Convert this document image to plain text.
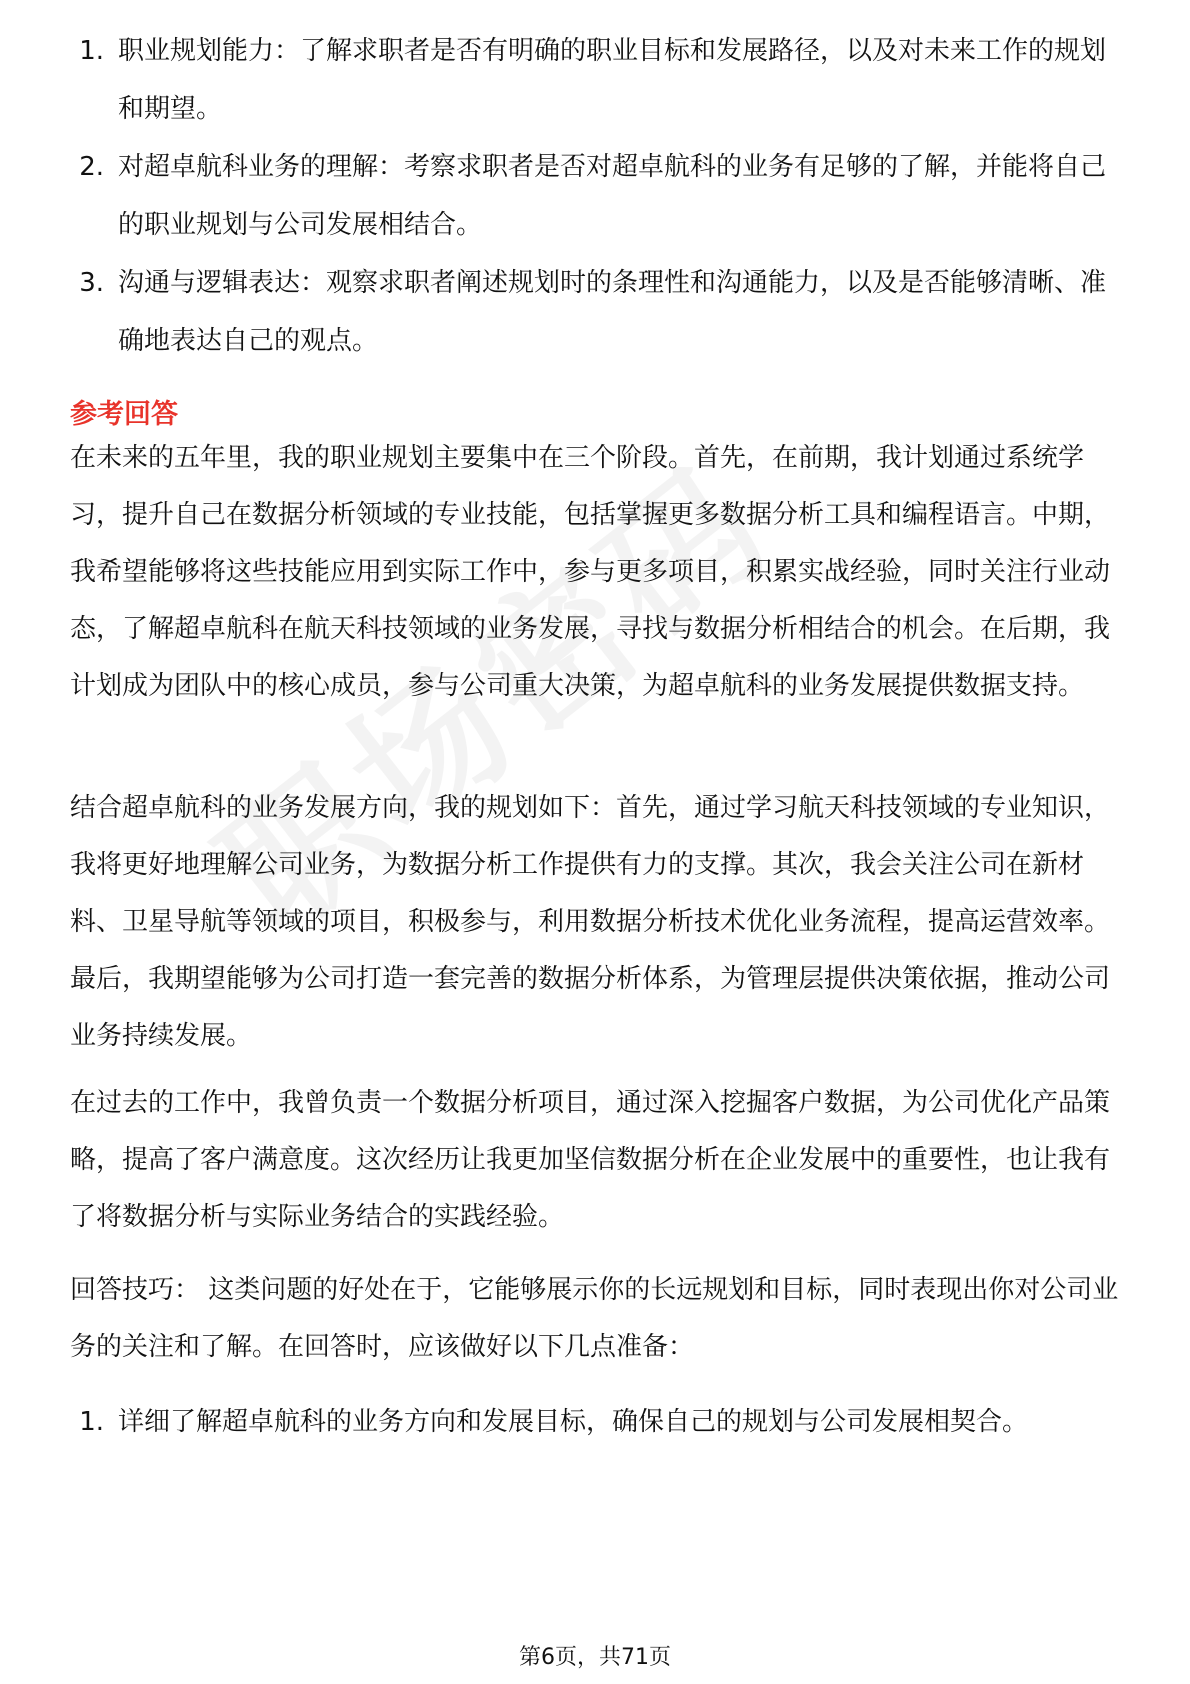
1. 职业规划能力：了解求职者是否有明确的职业目标和发展路径，以及对未来工作的规划和期望。
2. 对超卓航科业务的理解：考察求职者是否对超卓航科的业务有足够的了解，并能将自己的职业规划与公司发展相结合。
3. 沟通与逻辑表达：观察求职者阐述规划时的条理性和沟通能力，以及是否能够清晰、准确地表达自己的观点。
参考回答

在未来的五年里，我的职业规划主要集中在三个阶段。首先，在前期，我计划通过系统学习，提升自己在数据分析领域的专业技能，包括掌握更多数据分析工具和编程语言。中期，我希望能够将这些技能应用到实际工作中，参与更多项目，积累实战经验，同时关注行业动态，了解超卓航科在航天科技领域的业务发展，寻找与数据分析相结合的机会。在后期，我计划成为团队中的核心成员，参与公司重大决策，为超卓航科的业务发展提供数据支持。

结合超卓航科的业务发展方向，我的规划如下：首先，通过学习航天科技领域的专业知识，我将更好地理解公司业务，为数据分析工作提供有力的支撑。其次，我会关注公司在新材料、卫星导航等领域的项目，积极参与，利用数据分析技术优化业务流程，提高运营效率。最后，我期望能够为公司打造一套完善的数据分析体系，为管理层提供决策依据，推动公司业务持续发展。

在过去的工作中，我曾负责一个数据分析项目，通过深入挖掘客户数据，为公司优化产品策略，提高了客户满意度。这次经历让我更加坚信数据分析在企业发展中的重要性，也让我有了将数据分析与实际业务结合的实践经验。

回答技巧： 这类问题的好处在于，它能够展示你的长远规划和目标，同时表现出你对公司业务的关注和了解。在回答时，应该做好以下几点准备：

1. 详细了解超卓航科的业务方向和发展目标，确保自己的规划与公司发展相契合。
第6页，共71页
